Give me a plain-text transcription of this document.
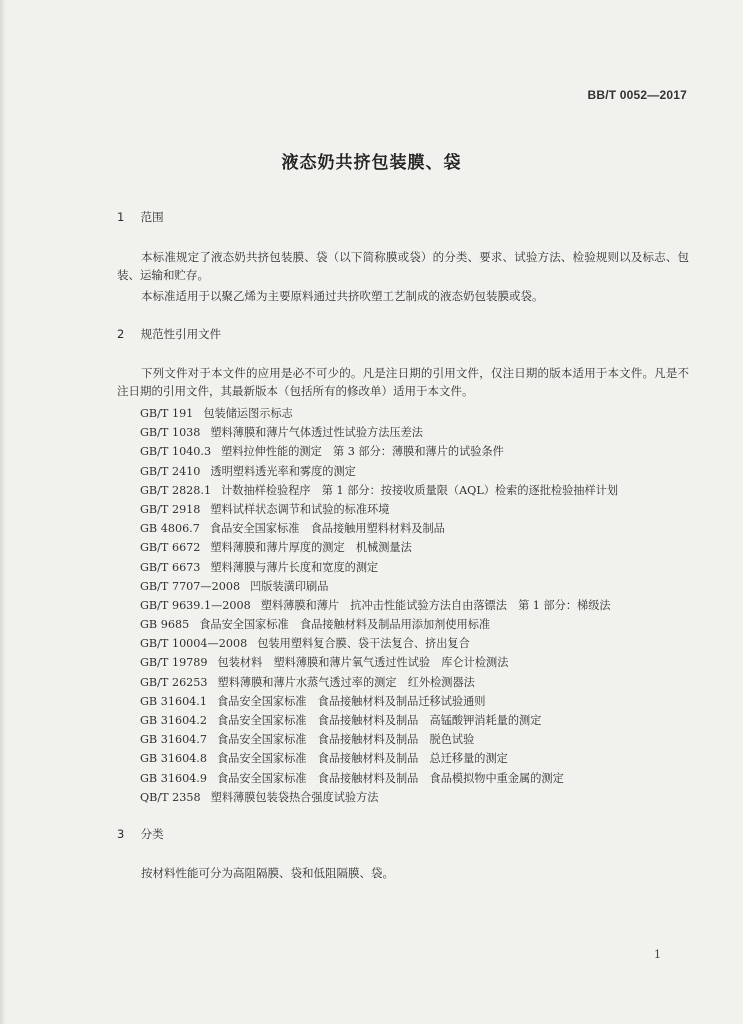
BB/T 0052—2017
液态奶共挤包装膜、袋
1 范围
本标准规定了液态奶共挤包装膜、袋（以下简称膜或袋）的分类、要求、试验方法、检验规则以及标志、包装、运输和贮存。
本标准适用于以聚乙烯为主要原料通过共挤吹塑工艺制成的液态奶包装膜或袋。
2 规范性引用文件
下列文件对于本文件的应用是必不可少的。凡是注日期的引用文件，仅注日期的版本适用于本文件。凡是不注日期的引用文件，其最新版本（包括所有的修改单）适用于本文件。
GB/T 191 包装储运图示标志
GB/T 1038 塑料薄膜和薄片气体透过性试验方法压差法
GB/T 1040.3 塑料拉伸性能的测定　第 3 部分：薄膜和薄片的试验条件
GB/T 2410 透明塑料透光率和雾度的测定
GB/T 2828.1 计数抽样检验程序　第 1 部分：按接收质量限（AQL）检索的逐批检验抽样计划
GB/T 2918 塑料试样状态调节和试验的标准环境
GB 4806.7 食品安全国家标准　食品接触用塑料材料及制品
GB/T 6672 塑料薄膜和薄片厚度的测定　机械测量法
GB/T 6673 塑料薄膜与薄片长度和宽度的测定
GB/T 7707—2008 凹版装潢印刷品
GB/T 9639.1—2008 塑料薄膜和薄片　抗冲击性能试验方法自由落镖法　第 1 部分：梯级法
GB 9685 食品安全国家标准　食品接触材料及制品用添加剂使用标准
GB/T 10004—2008 包装用塑料复合膜、袋干法复合、挤出复合
GB/T 19789 包装材料　塑料薄膜和薄片氧气透过性试验　库仑计检测法
GB/T 26253 塑料薄膜和薄片水蒸气透过率的测定　红外检测器法
GB 31604.1 食品安全国家标准　食品接触材料及制品迁移试验通则
GB 31604.2 食品安全国家标准　食品接触材料及制品　高锰酸钾消耗量的测定
GB 31604.7 食品安全国家标准　食品接触材料及制品　脱色试验
GB 31604.8 食品安全国家标准　食品接触材料及制品　总迁移量的测定
GB 31604.9 食品安全国家标准　食品接触材料及制品　食品模拟物中重金属的测定
QB/T 2358 塑料薄膜包装袋热合强度试验方法
3 分类
按材料性能可分为高阻隔膜、袋和低阻隔膜、袋。
1
